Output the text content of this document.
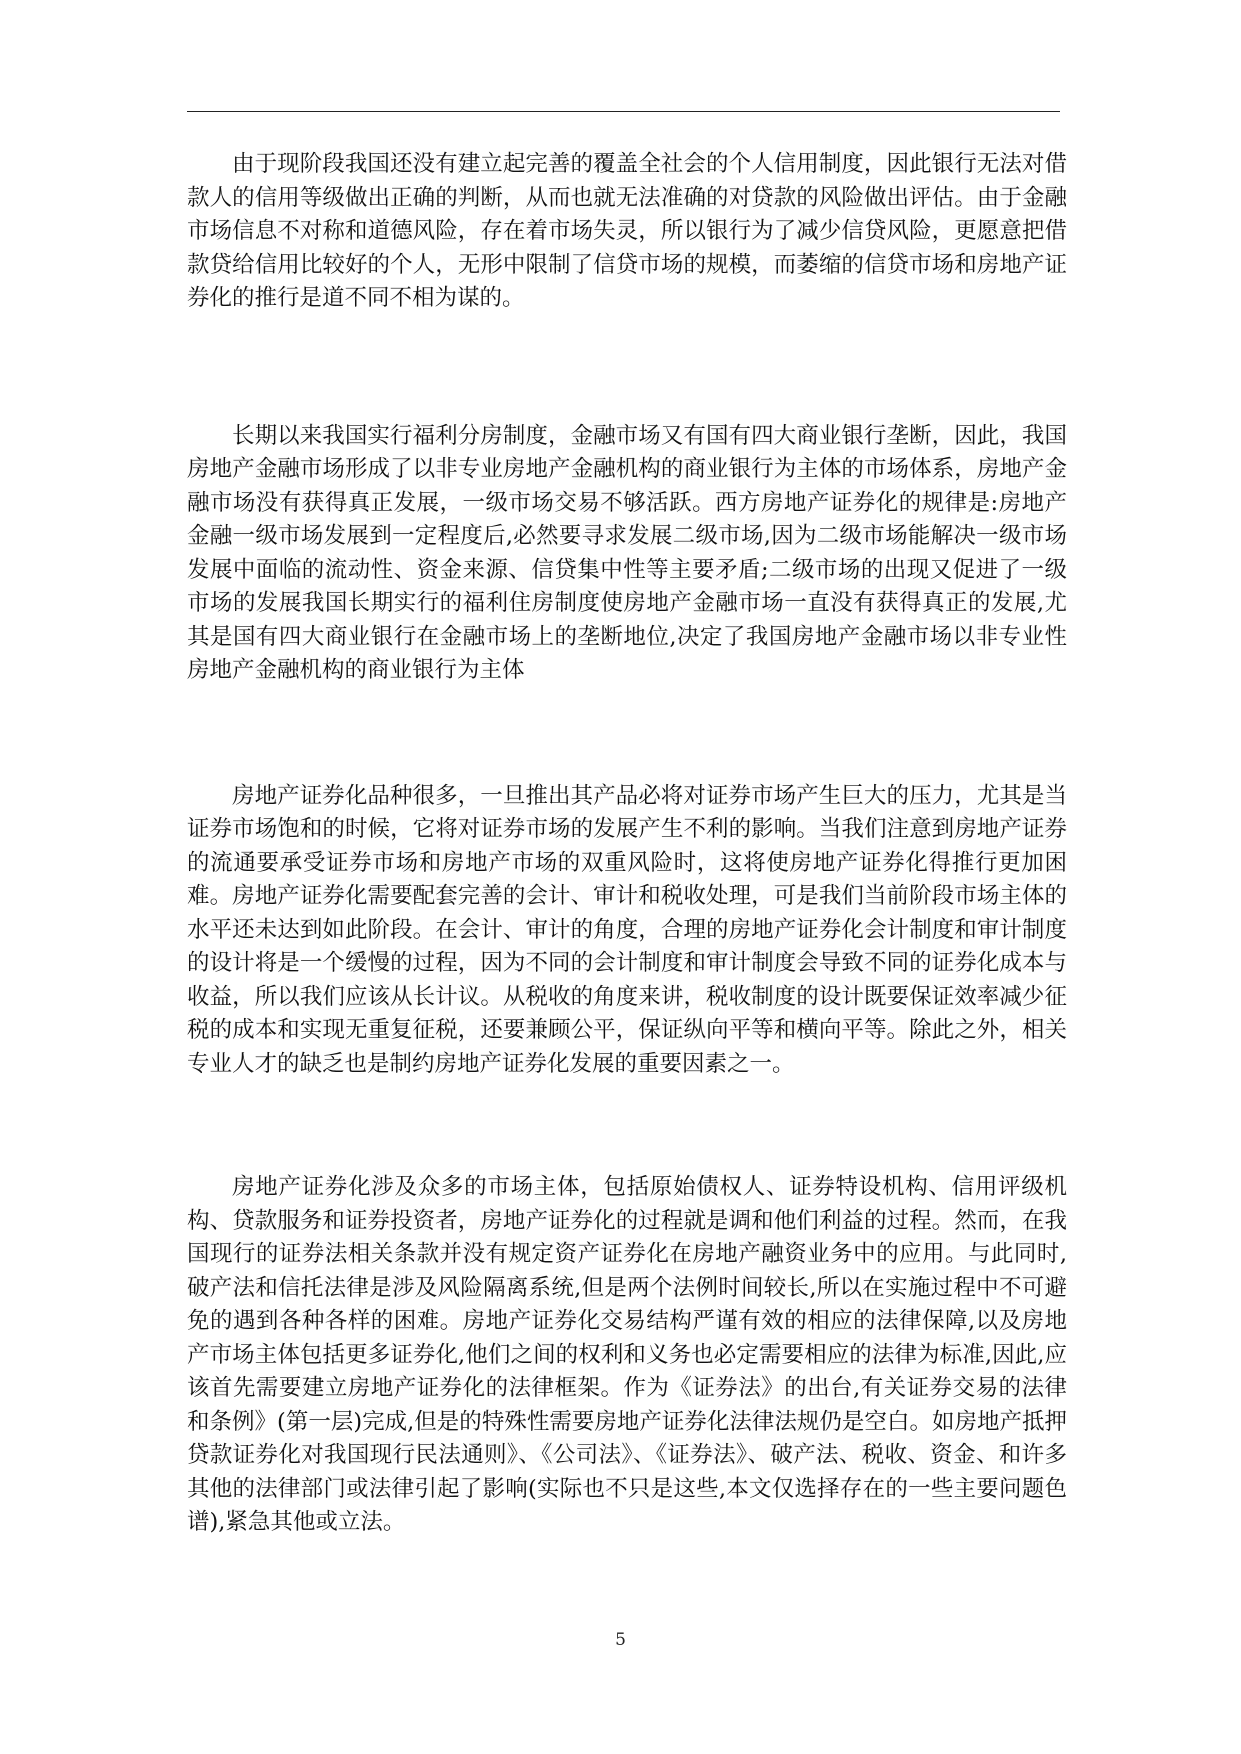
由于现阶段我国还没有建立起完善的覆盖全社会的个人信用制度，因此银行无法对借款人的信用等级做出正确的判断，从而也就无法准确的对贷款的风险做出评估。由于金融市场信息不对称和道德风险，存在着市场失灵，所以银行为了减少信贷风险，更愿意把借款贷给信用比较好的个人，无形中限制了信贷市场的规模，而萎缩的信贷市场和房地产证券化的推行是道不同不相为谋的。

长期以来我国实行福利分房制度，金融市场又有国有四大商业银行垄断，因此，我国房地产金融市场形成了以非专业房地产金融机构的商业银行为主体的市场体系，房地产金融市场没有获得真正发展，一级市场交易不够活跃。西方房地产证券化的规律是:房地产金融一级市场发展到一定程度后,必然要寻求发展二级市场,因为二级市场能解决一级市场发展中面临的流动性、资金来源、信贷集中性等主要矛盾;二级市场的出现又促进了一级市场的发展我国长期实行的福利住房制度使房地产金融市场一直没有获得真正的发展,尤其是国有四大商业银行在金融市场上的垄断地位,决定了我国房地产金融市场以非专业性房地产金融机构的商业银行为主体

房地产证券化品种很多，一旦推出其产品必将对证券市场产生巨大的压力，尤其是当证券市场饱和的时候，它将对证券市场的发展产生不利的影响。当我们注意到房地产证券的流通要承受证券市场和房地产市场的双重风险时，这将使房地产证券化得推行更加困难。房地产证券化需要配套完善的会计、审计和税收处理，可是我们当前阶段市场主体的水平还未达到如此阶段。在会计、审计的角度，合理的房地产证券化会计制度和审计制度的设计将是一个缓慢的过程，因为不同的会计制度和审计制度会导致不同的证券化成本与收益，所以我们应该从长计议。从税收的角度来讲，税收制度的设计既要保证效率减少征税的成本和实现无重复征税，还要兼顾公平，保证纵向平等和横向平等。除此之外，相关专业人才的缺乏也是制约房地产证券化发展的重要因素之一。

房地产证券化涉及众多的市场主体，包括原始债权人、证券特设机构、信用评级机构、贷款服务和证券投资者，房地产证券化的过程就是调和他们利益的过程。然而，在我国现行的证券法相关条款并没有规定资产证券化在房地产融资业务中的应用。与此同时,破产法和信托法律是涉及风险隔离系统,但是两个法例时间较长,所以在实施过程中不可避免的遇到各种各样的困难。房地产证券化交易结构严谨有效的相应的法律保障,以及房地产市场主体包括更多证券化,他们之间的权利和义务也必定需要相应的法律为标准,因此,应该首先需要建立房地产证券化的法律框架。作为《证券法》的出台,有关证券交易的法律和条例》(第一层)完成,但是的特殊性需要房地产证券化法律法规仍是空白。如房地产抵押贷款证券化对我国现行民法通则》、《公司法》、《证券法》、破产法、税收、资金、和许多其他的法律部门或法律引起了影响(实际也不只是这些,本文仅选择存在的一些主要问题色谱),紧急其他或立法。

5
